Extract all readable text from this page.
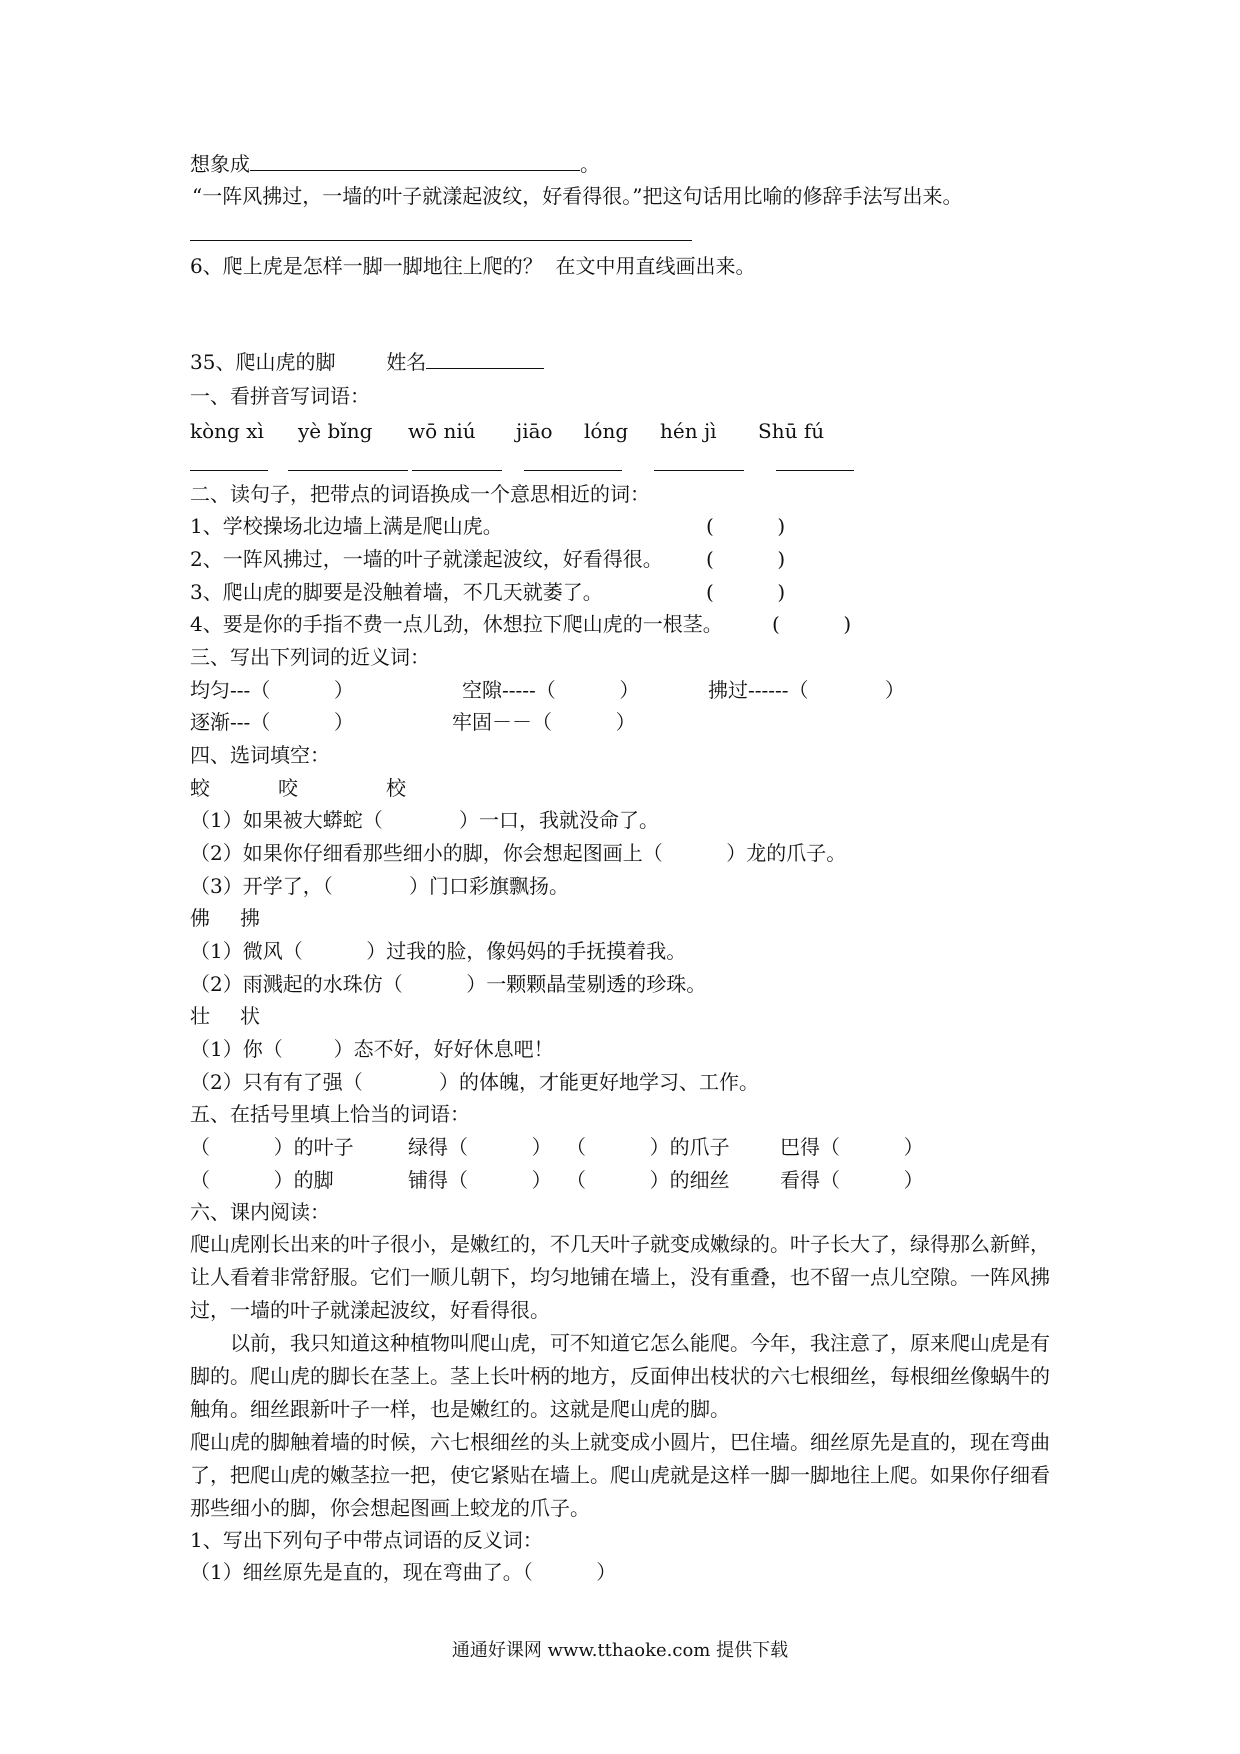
想象成	。
“一阵风拂过，一墙的叶子就漾起波纹，好看得很。”把这句话用比喻的修辞手法写出来。
6、爬上虎是怎样一脚一脚地往上爬的？  在文中用直线画出来。
35、爬山虎的脚	姓名
一、看拼音写词语：
kòng xì yè bǐng wō niú jiāo lóng hén jì Shū fú
二、读句子，把带点的词语换成一个意思相近的词：
1、学校操场北边墙上满是爬山虎。	(          )
2、一阵风拂过，一墙的叶子就漾起波纹，好看得很。 (          )
3、爬山虎的脚要是没触着墙，不几天就萎了。	(          )
4、要是你的手指不费一点儿劲，休想拉下爬山虎的一根茎。 (          )
三、写出下列词的近义词：
均匀---（          ）	空隙-----（          ）	拂过------（            ）
逐渐---（          ）	牢固－－（          ）
四、选词填空：
蛟	咬	校
（1）如果被大蟒蛇（            ）一口，我就没命了。
（2）如果你仔细看那些细小的脚，你会想起图画上（          ）龙的爪子。
（3）开学了，（            ）门口彩旗飘扬。
佛 拂
（1）微风（          ）过我的脸，像妈妈的手抚摸着我。
（2）雨溅起的水珠仿（          ）一颗颗晶莹剔透的珍珠。
壮 状
（1）你（        ）态不好，好好休息吧！
（2）只有有了强（            ）的体魄，才能更好地学习、工作。
五、在括号里填上恰当的词语：
（          ）的叶子	绿得（          ） （          ）的爪子	巴得（          ）
（          ）的脚	铺得（          ） （          ）的细丝	看得（          ）
六、课内阅读：

爬山虎刚长出来的叶子很小，是嫩红的，不几天叶子就变成嫩绿的。叶子长大了，绿得那么新鲜，让人看着非常舒服。它们一顺儿朝下，均匀地铺在墙上，没有重叠，也不留一点儿空隙。一阵风拂过，一墙的叶子就漾起波纹，好看得很。

以前，我只知道这种植物叫爬山虎，可不知道它怎么能爬。今年，我注意了，原来爬山虎是有脚的。爬山虎的脚长在茎上。茎上长叶柄的地方，反面伸出枝状的六七根细丝，每根细丝像蜗牛的触角。细丝跟新叶子一样，也是嫩红的。这就是爬山虎的脚。

爬山虎的脚触着墙的时候，六七根细丝的头上就变成小圆片，巴住墙。细丝原先是直的，现在弯曲了，把爬山虎的嫩茎拉一把，使它紧贴在墙上。爬山虎就是这样一脚一脚地往上爬。如果你仔细看那些细小的脚，你会想起图画上蛟龙的爪子。

1、写出下列句子中带点词语的反义词：
（1）细丝原先是直的，现在弯曲了。（          ）
通通好课网 www.tthaoke.com 提供下载
